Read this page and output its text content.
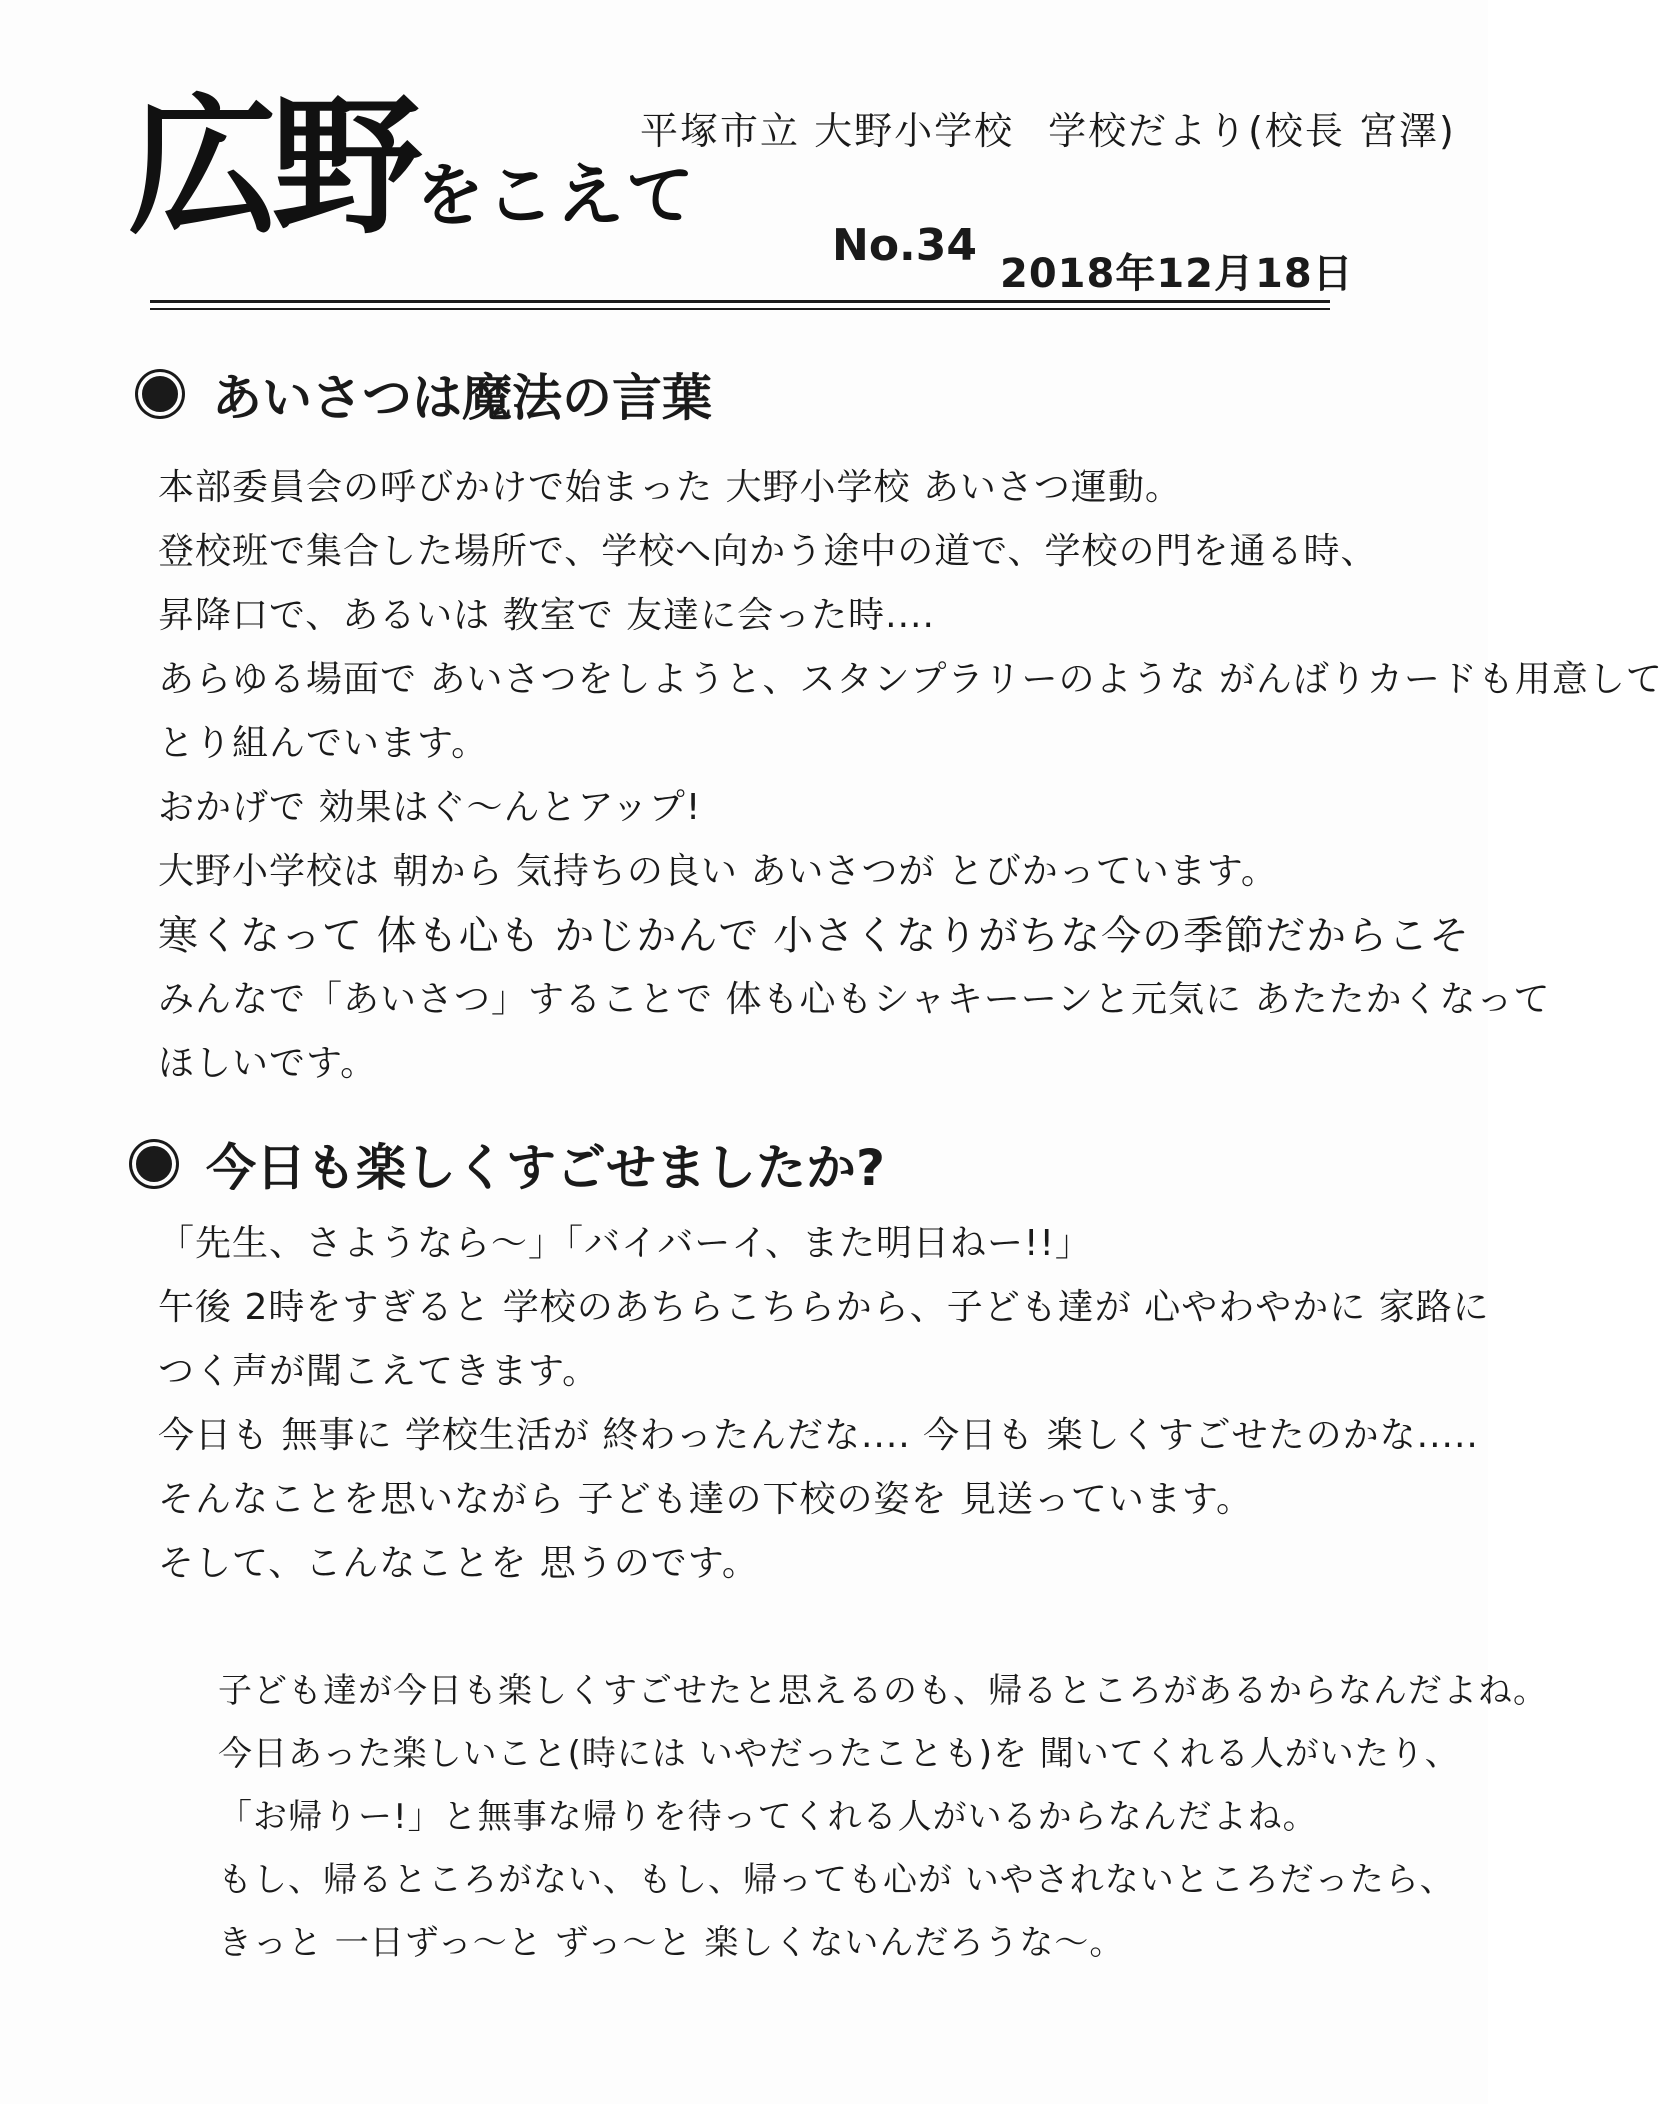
広野をこえて
平塚市立 大野小学校 学校だより(校長 宮澤)
No.34
2018年12月18日
あいさつは魔法の言葉
本部委員会の呼びかけで始まった 大野小学校 あいさつ運動。
登校班で集合した場所で、学校へ向かう途中の道で、学校の門を通る時、
昇降口で、あるいは 教室で 友達に会った時....
あらゆる場面で あいさつをしようと、スタンプラリーのような がんばりカードも用意して
とり組んでいます。
おかげで 効果はぐ〜んとアップ!
大野小学校は 朝から 気持ちの良い あいさつが とびかっています。
寒くなって 体も心も かじかんで 小さくなりがちな今の季節だからこそ
みんなで「あいさつ」することで 体も心もシャキーーンと元気に あたたかくなって
ほしいです。
今日も楽しくすごせましたか?
「先生、さようなら〜」「バイバーイ、また明日ねー!!」
午後 2時をすぎると 学校のあちらこちらから、子ども達が 心やわやかに 家路に
つく声が聞こえてきます。
今日も 無事に 学校生活が 終わったんだな.... 今日も 楽しくすごせたのかな.....
そんなことを思いながら 子ども達の下校の姿を 見送っています。
そして、こんなことを 思うのです。
子ども達が今日も楽しくすごせたと思えるのも、帰るところがあるからなんだよね。
今日あった楽しいこと(時には いやだったことも)を 聞いてくれる人がいたり、
「お帰りー!」と無事な帰りを待ってくれる人がいるからなんだよね。
もし、帰るところがない、もし、帰っても心が いやされないところだったら、
きっと 一日ずっ〜と ずっ〜と 楽しくないんだろうな〜。
